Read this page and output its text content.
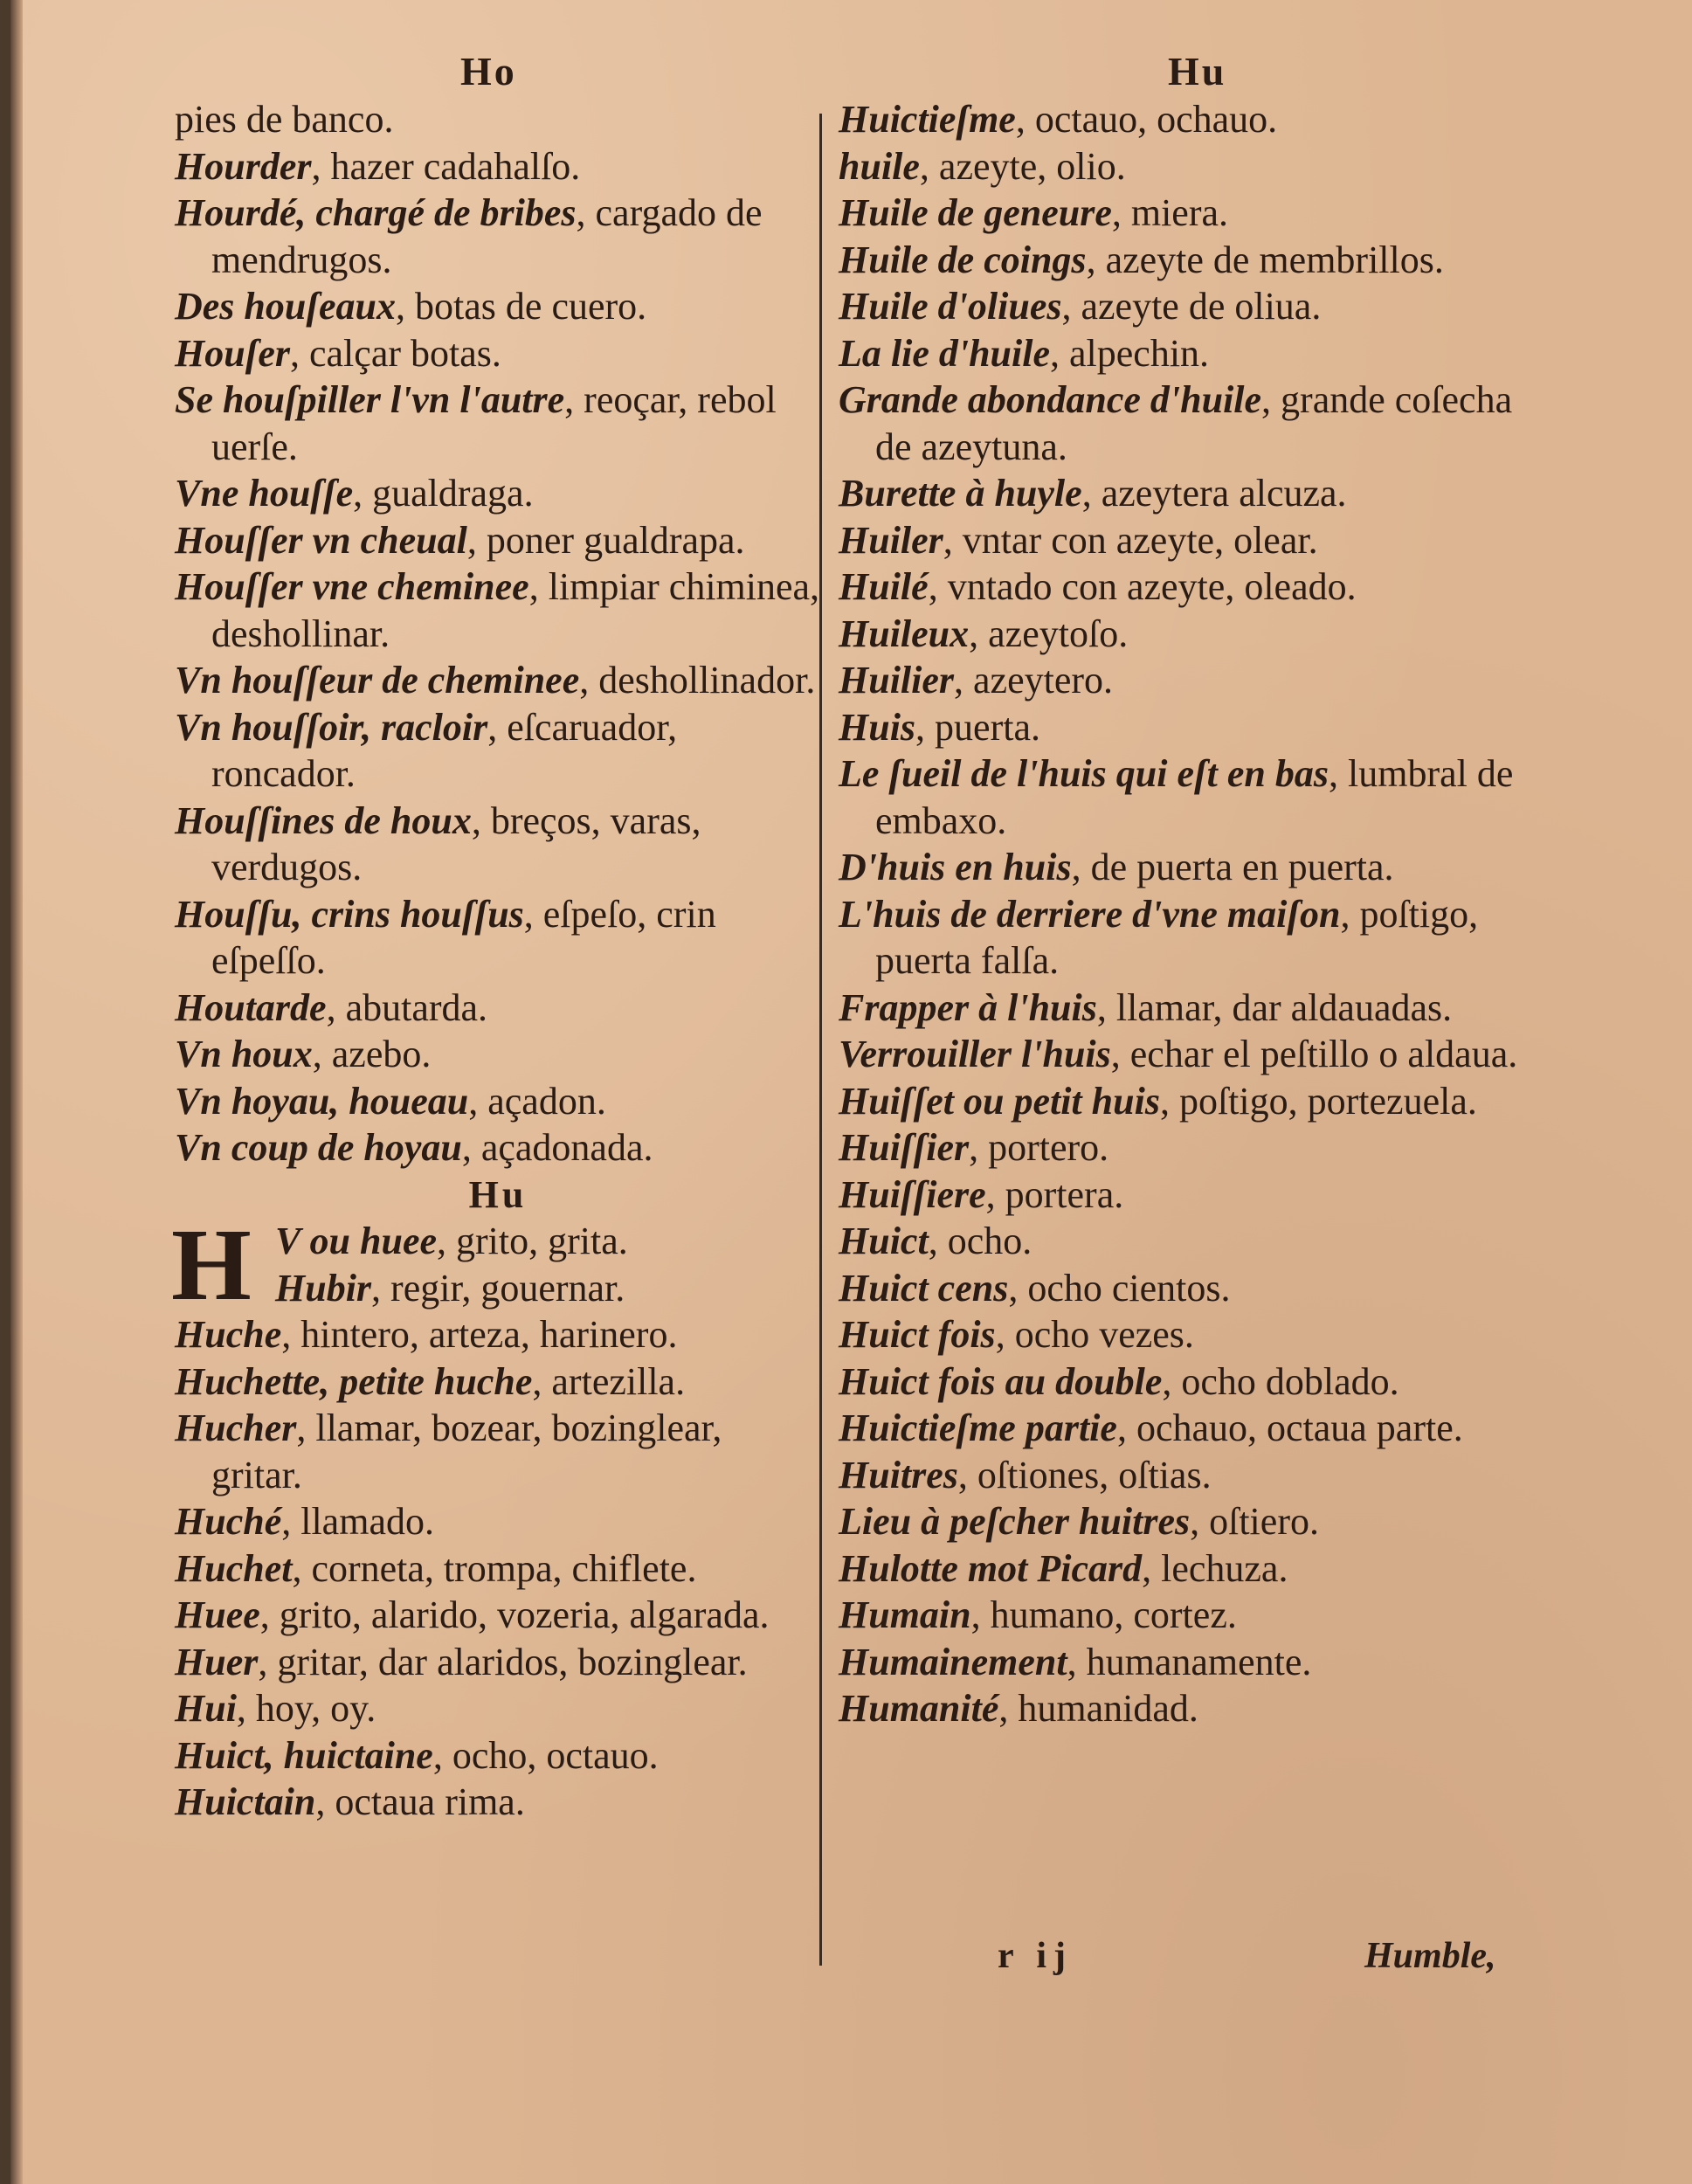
Ho	Hu

pies de banco.

Hourder, hazer cadahalſo.

Hourdé, chargé de bribes, cargado de mendrugos.

Des houſeaux, botas de cuero.

Houſer, calçar botas.

Se houſpiller l'vn l'autre, reoçar, rebol uerſe.

Vne houſſe, gualdraga.

Houſſer vn cheual, poner gualdrapa.

Houſſer vne cheminee, limpiar chiminea, deshollinar.

Vn houſſeur de cheminee, deshollinador.

Vn houſſoir, racloir, eſcaruador, roncador.

Houſſines de houx, breços, varas, verdugos.

Houſſu, crins houſſus, eſpeſo, crin eſpeſſo.

Houtarde, abutarda.

Vn houx, azebo.

Vn hoyau, houeau, açadon.

Vn coup de hoyau, açadonada.

Hu

H V ou huee, grito, grita.
Hubir, regir, gouernar.

Huche, hintero, arteza, harinero.

Huchette, petite huche, artezilla.

Hucher, llamar, bozear, bozinglear, gritar.

Huché, llamado.

Huchet, corneta, trompa, chiflete.

Huee, grito, alarido, vozeria, algarada.

Huer, gritar, dar alaridos, bozinglear.

Hui, hoy, oy.

Huict, huictaine, ocho, octauo.

Huictain, octaua rima.

Huictieſme, octauo, ochauo.

huile, azeyte, olio.

Huile de geneure, miera.

Huile de coings, azeyte de membrillos.

Huile d'oliues, azeyte de oliua.

La lie d'huile, alpechin.

Grande abondance d'huile, grande coſecha de azeytuna.

Burette à huyle, azeytera alcuza.

Huiler, vntar con azeyte, olear.

Huilé, vntado con azeyte, oleado.

Huileux, azeytoſo.

Huilier, azeytero.

Huis, puerta.

Le ſueil de l'huis qui eſt en bas, lumbral de embaxo.

D'huis en huis, de puerta en puerta.

L'huis de derriere d'vne maiſon, poſtigo, puerta falſa.

Frapper à l'huis, llamar, dar aldauadas.

Verrouiller l'huis, echar el peſtillo o aldaua.

Huiſſet ou petit huis, poſtigo, portezuela.

Huiſſier, portero.

Huiſſiere, portera.

Huict, ocho.

Huict cens, ocho cientos.

Huict fois, ocho vezes.

Huict fois au double, ocho doblado.

Huictieſme partie, ochauo, octaua parte.

Huitres, oſtiones, oſtias.

Lieu à peſcher huitres, oſtiero.

Hulotte mot Picard, lechuza.

Humain, humano, cortez.

Humainement, humanamente.

Humanité, humanidad.

r ij	Humble,
